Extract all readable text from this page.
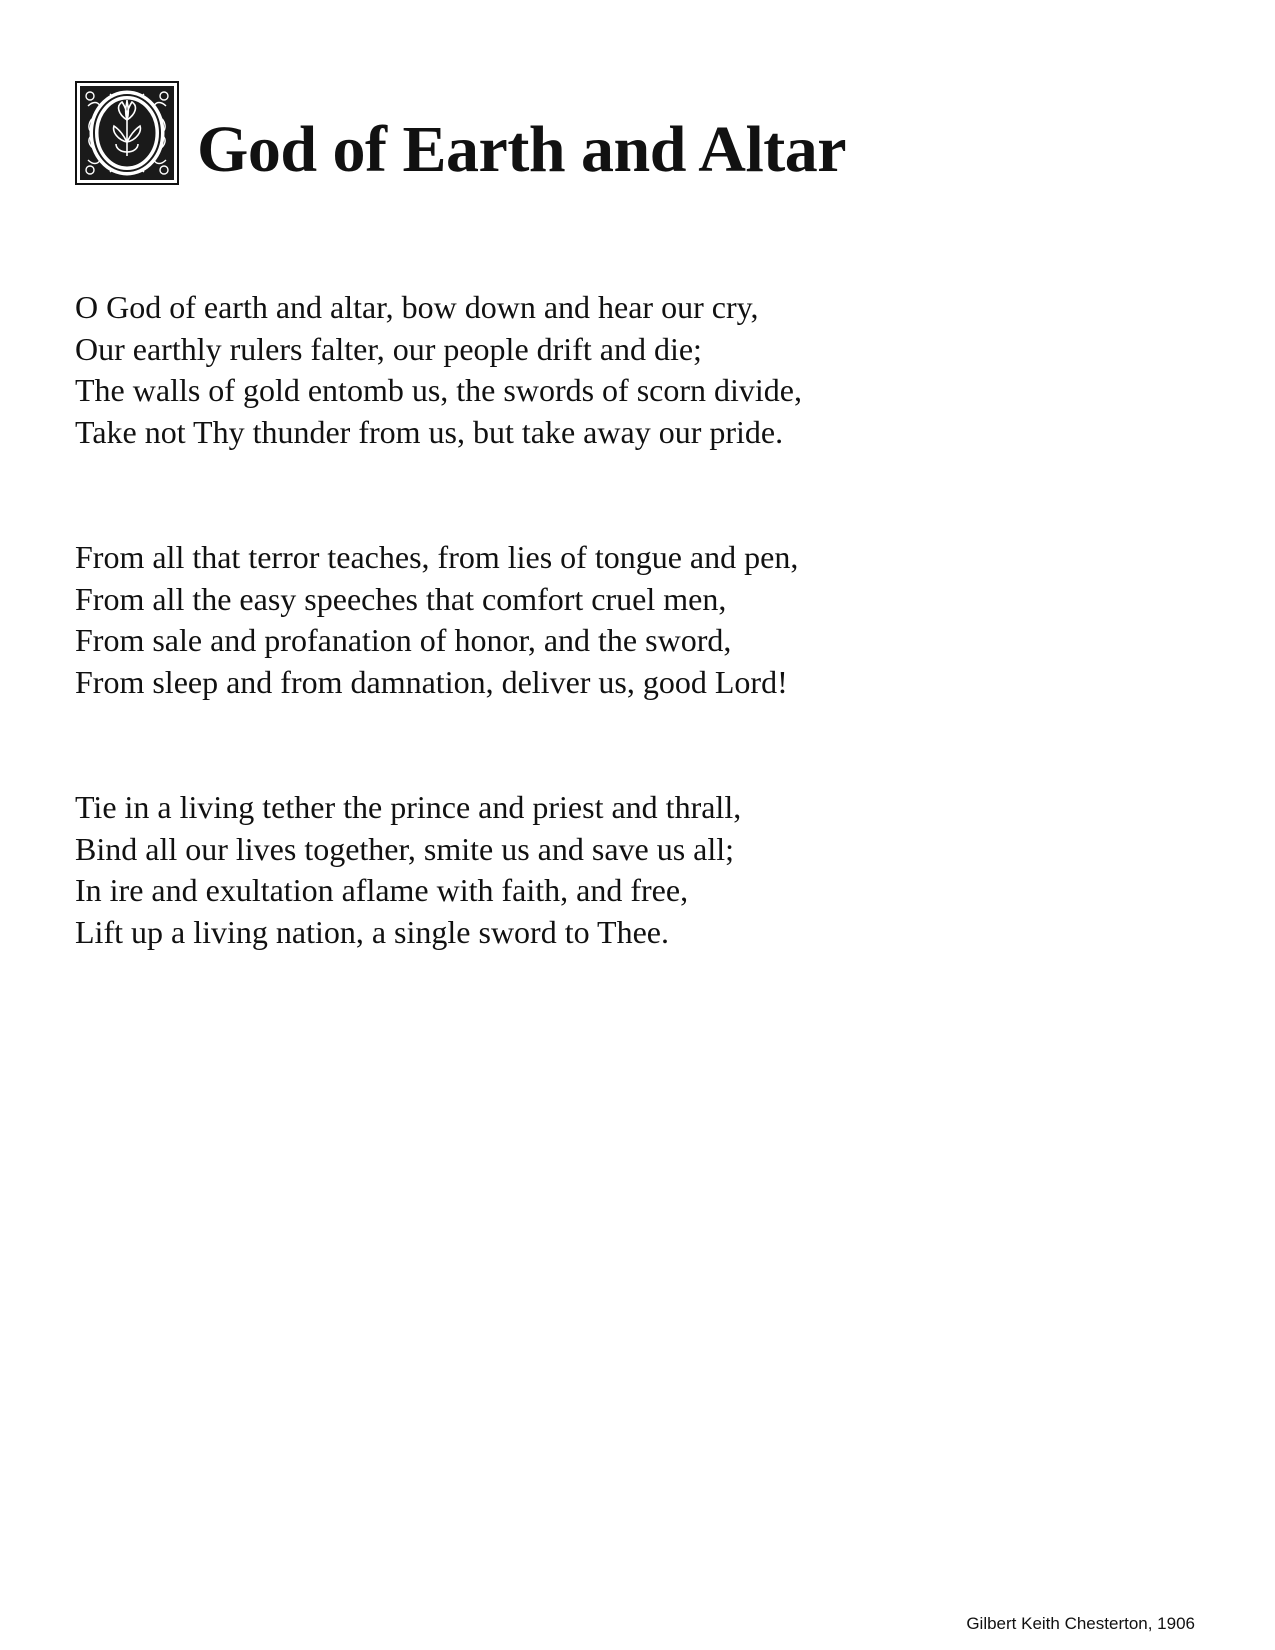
God of Earth and Altar
O God of earth and altar, bow down and hear our cry,
Our earthly rulers falter, our people drift and die;
The walls of gold entomb us, the swords of scorn divide,
Take not Thy thunder from us, but take away our pride.
From all that terror teaches, from lies of tongue and pen,
From all the easy speeches that comfort cruel men,
From sale and profanation of honor, and the sword,
From sleep and from damnation, deliver us, good Lord!
Tie in a living tether the prince and priest and thrall,
Bind all our lives together, smite us and save us all;
In ire and exultation aflame with faith, and free,
Lift up a living nation, a single sword to Thee.
Gilbert Keith Chesterton, 1906
